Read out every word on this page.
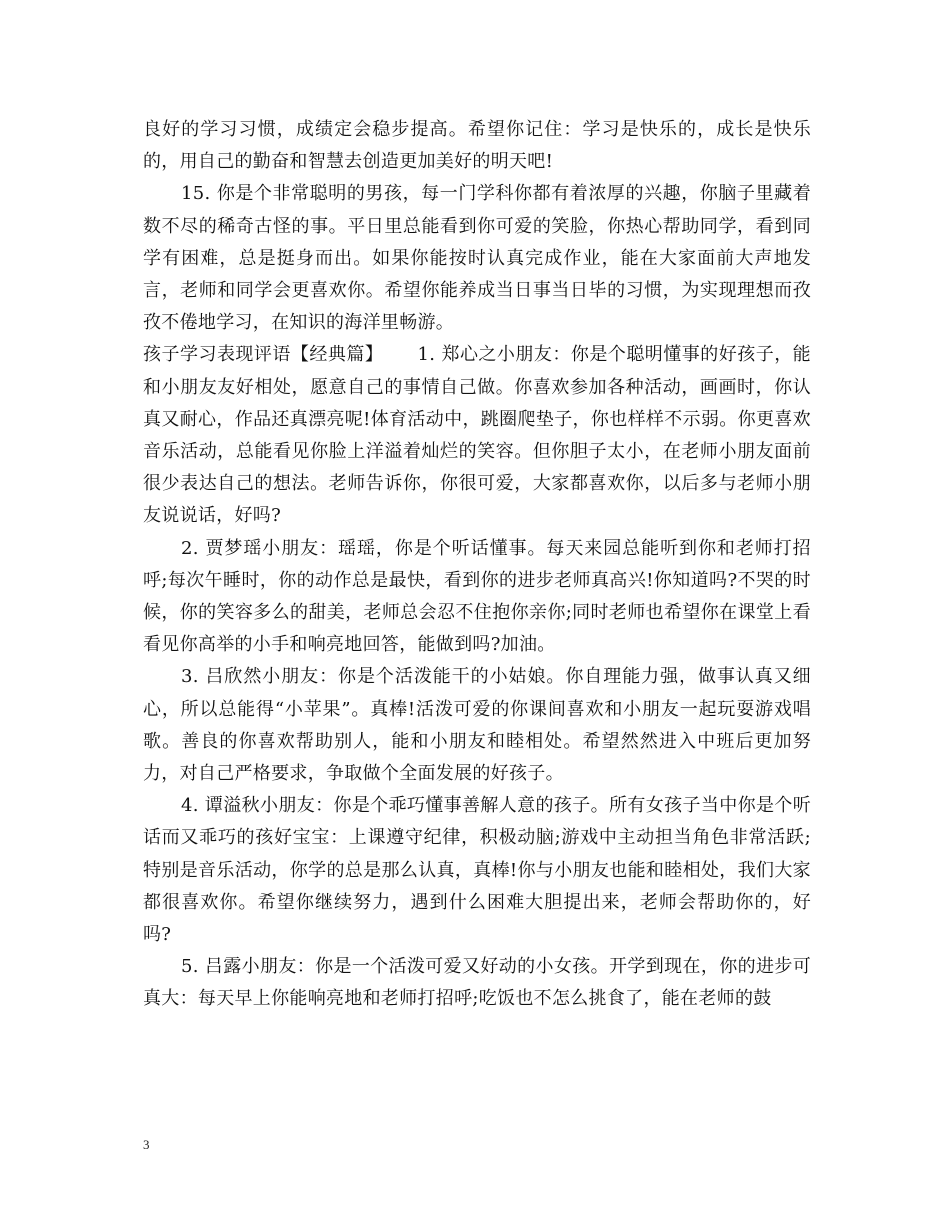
良好的学习习惯，成绩定会稳步提高。希望你记住：学习是快乐的，成长是快乐的，用自己的勤奋和智慧去创造更加美好的明天吧!

15. 你是个非常聪明的男孩，每一门学科你都有着浓厚的兴趣，你脑子里藏着数不尽的稀奇古怪的事。平日里总能看到你可爱的笑脸，你热心帮助同学，看到同学有困难，总是挺身而出。如果你能按时认真完成作业，能在大家面前大声地发言，老师和同学会更喜欢你。希望你能养成当日事当日毕的习惯，为实现理想而孜孜不倦地学习，在知识的海洋里畅游。

孩子学习表现评语【经典篇】　　 1. 郑心之小朋友：你是个聪明懂事的好孩子，能和小朋友友好相处，愿意自己的事情自己做。你喜欢参加各种活动，画画时，你认真又耐心，作品还真漂亮呢!体育活动中，跳圈爬垫子，你也样样不示弱。你更喜欢音乐活动，总能看见你脸上洋溢着灿烂的笑容。但你胆子太小，在老师小朋友面前很少表达自己的想法。老师告诉你，你很可爱，大家都喜欢你，以后多与老师小朋友说说话，好吗?

2. 贾梦瑶小朋友：瑶瑶，你是个听话懂事。每天来园总能听到你和老师打招呼;每次午睡时，你的动作总是最快，看到你的进步老师真高兴!你知道吗?不哭的时候，你的笑容多么的甜美，老师总会忍不住抱你亲你;同时老师也希望你在课堂上看看见你高举的小手和响亮地回答，能做到吗?加油。

3. 吕欣然小朋友：你是个活泼能干的小姑娘。你自理能力强，做事认真又细心，所以总能得“小苹果”。真棒!活泼可爱的你课间喜欢和小朋友一起玩耍游戏唱歌。善良的你喜欢帮助别人，能和小朋友和睦相处。希望然然进入中班后更加努力，对自己严格要求，争取做个全面发展的好孩子。

4. 谭溢秋小朋友：你是个乖巧懂事善解人意的孩子。所有女孩子当中你是个听话而又乖巧的孩好宝宝：上课遵守纪律，积极动脑;游戏中主动担当角色非常活跃;特别是音乐活动，你学的总是那么认真，真棒!你与小朋友也能和睦相处，我们大家都很喜欢你。希望你继续努力，遇到什么困难大胆提出来，老师会帮助你的，好吗?

5. 吕露小朋友：你是一个活泼可爱又好动的小女孩。开学到现在，你的进步可真大：每天早上你能响亮地和老师打招呼;吃饭也不怎么挑食了，能在老师的鼓

3
